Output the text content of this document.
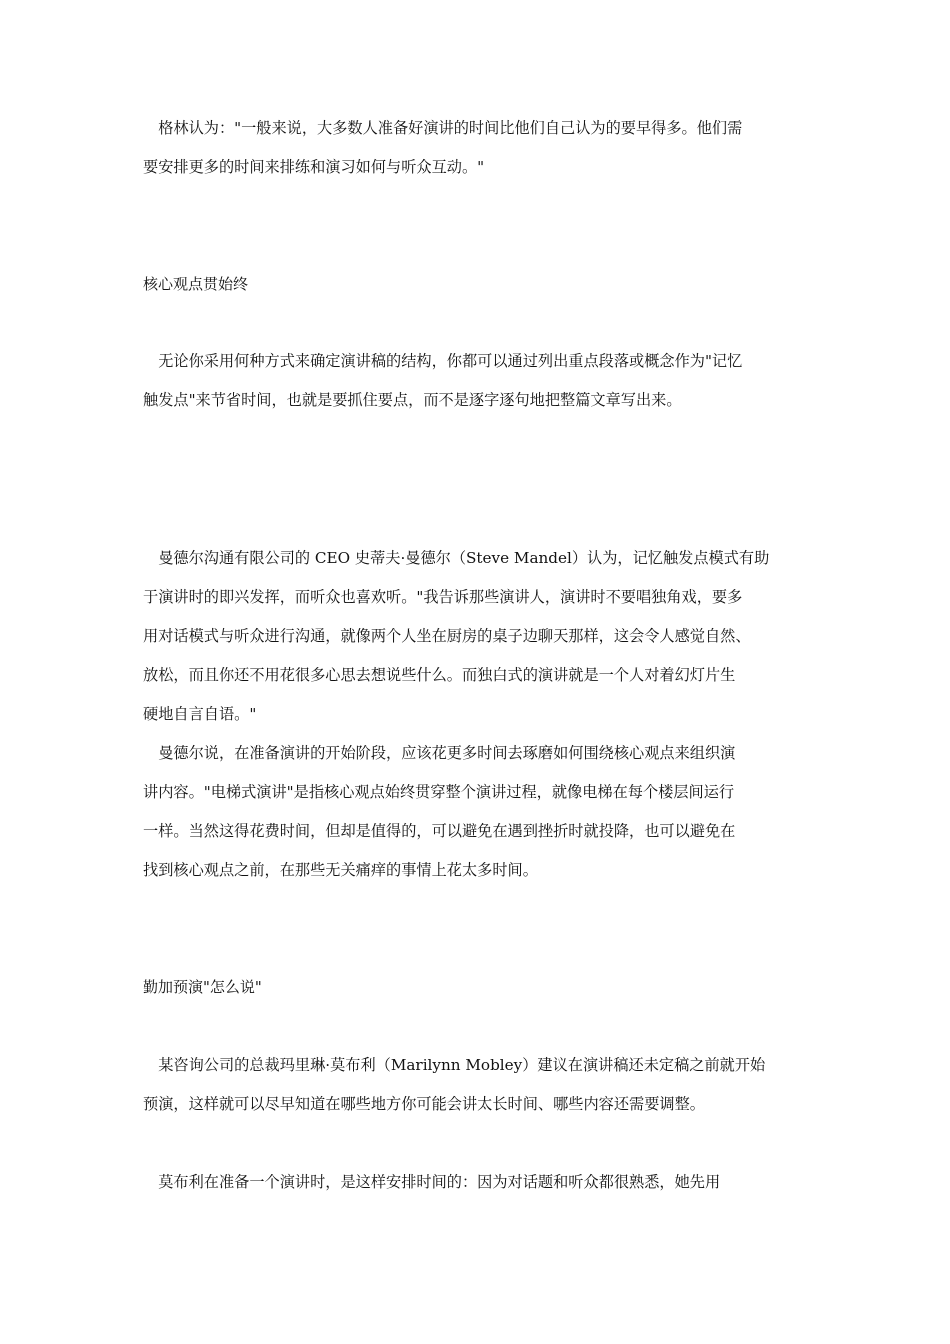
　格林认为："一般来说，大多数人准备好演讲的时间比他们自己认为的要早得多。他们需
要安排更多的时间来排练和演习如何与听众互动。"
核心观点贯始终
　无论你采用何种方式来确定演讲稿的结构，你都可以通过列出重点段落或概念作为"记忆
触发点"来节省时间，也就是要抓住要点，而不是逐字逐句地把整篇文章写出来。
　曼德尔沟通有限公司的 CEO 史蒂夫·曼德尔（Steve Mandel）认为，记忆触发点模式有助
于演讲时的即兴发挥，而听众也喜欢听。"我告诉那些演讲人，演讲时不要唱独角戏，要多
用对话模式与听众进行沟通，就像两个人坐在厨房的桌子边聊天那样，这会令人感觉自然、
放松，而且你还不用花很多心思去想说些什么。而独白式的演讲就是一个人对着幻灯片生
硬地自言自语。"
　曼德尔说，在准备演讲的开始阶段，应该花更多时间去琢磨如何围绕核心观点来组织演
讲内容。"电梯式演讲"是指核心观点始终贯穿整个演讲过程，就像电梯在每个楼层间运行
一样。当然这得花费时间，但却是值得的，可以避免在遇到挫折时就投降，也可以避免在
找到核心观点之前，在那些无关痛痒的事情上花太多时间。
勤加预演"怎么说"
　某咨询公司的总裁玛里琳·莫布利（Marilynn Mobley）建议在演讲稿还未定稿之前就开始
预演，这样就可以尽早知道在哪些地方你可能会讲太长时间、哪些内容还需要调整。
　莫布利在准备一个演讲时，是这样安排时间的：因为对话题和听众都很熟悉，她先用
